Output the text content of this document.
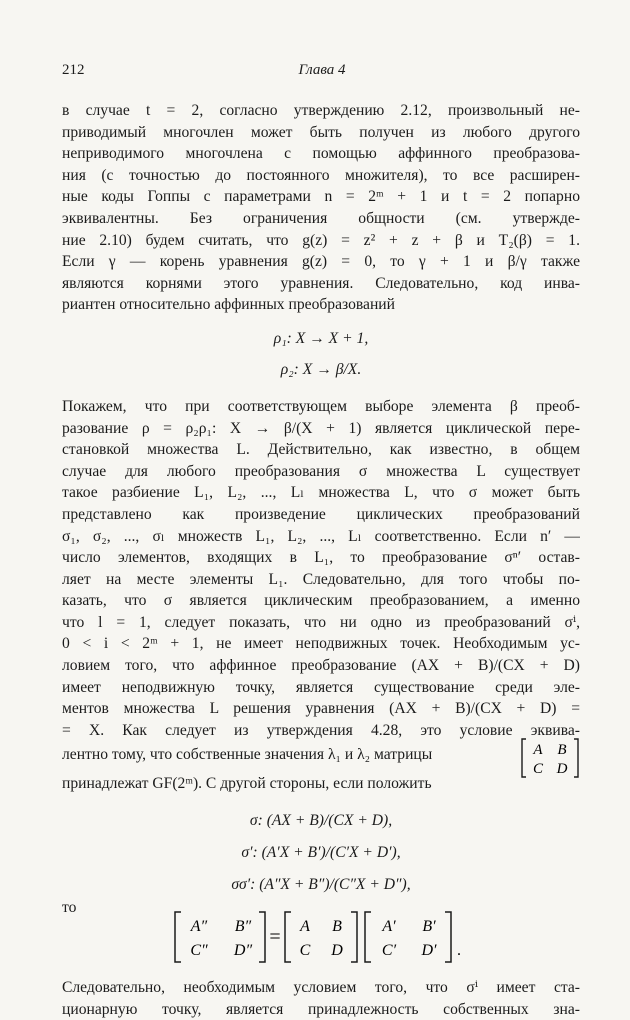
212	Глава 4

в случае t = 2, согласно утверждению 2.12, произвольный не-
приводимый многочлен может быть получен из любого другого
неприводимого многочлена с помощью аффинного преобразова-
ния (с точностью до постоянного множителя), то все расширен-
ные коды Гоппы с параметрами n = 2ᵐ + 1 и t = 2 попарно
эквивалентны. Без ограничения общности (см. утвержде-
ние 2.10) будем считать, что g(z) = z² + z + β и T₂(β) = 1.
Если γ — корень уравнения g(z) = 0, то γ + 1 и β/γ также
являются корнями этого уравнения. Следовательно, код инва-
риантен относительно аффинных преобразований

ρ₁: X → X + 1,

ρ₂: X → β/X.

Покажем, что при соответствующем выборе элемента β преоб-
разование ρ = ρ₂ρ₁: X → β/(X + 1) является циклической пере-
становкой множества L. Действительно, как известно, в общем
случае для любого преобразования σ множества L существует
такое разбиение L₁, L₂, ..., Lₗ множества L, что σ может быть
представлено как произведение циклических преобразований
σ₁, σ₂, ..., σₗ множеств L₁, L₂, ..., Lₗ соответственно. Если n′ —
число элементов, входящих в L₁, то преобразование σⁿ′ остав-
ляет на месте элементы L₁. Следовательно, для того чтобы по-
казать, что σ является циклическим преобразованием, а именно
что l = 1, следует показать, что ни одно из преобразований σⁱ,
0 < i < 2ᵐ + 1, не имеет неподвижных точек. Необходимым ус-
ловием того, что аффинное преобразование (AX + B)/(CX + D)
имеет неподвижную точку, является существование среди эле-
ментов множества L решения уравнения (AX + B)/(CX + D) =
= X. Как следует из утверждения 4.28, это условие эквива-
лентно тому, что собственные значения λ₁ и λ₂ матрицы	A B
C D
принадлежат GF(2ᵐ). С другой стороны, если положить

σ: (AX + B)/(CX + D),

σ′: (A′X + B′)/(C′X + D′),

σσ′: (A″X + B″)/(C″X + D″),

то
A″ B″
C″ D″
= A B
C D
A′ B′
C′ D′ .

Следовательно, необходимым условием того, что σⁱ имеет ста-
ционарную точку, является принадлежность собственных зна-
